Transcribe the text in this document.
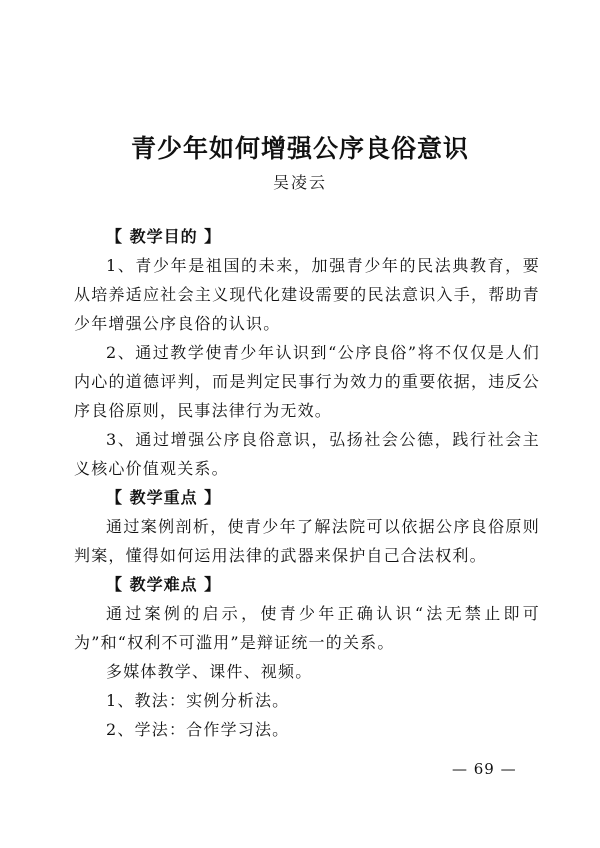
青少年如何增强公序良俗意识
吴凌云

【 教学目的 】

1、青少年是祖国的未来，加强青少年的民法典教育，要从培养适应社会主义现代化建设需要的民法意识入手，帮助青少年增强公序良俗的认识。

2、通过教学使青少年认识到“公序良俗”将不仅仅是人们内心的道德评判，而是判定民事行为效力的重要依据，违反公序良俗原则，民事法律行为无效。

3、通过增强公序良俗意识，弘扬社会公德，践行社会主义核心价值观关系。

【 教学重点 】

通过案例剖析，使青少年了解法院可以依据公序良俗原则判案，懂得如何运用法律的武器来保护自己合法权利。

【 教学难点 】

通过案例的启示，使青少年正确认识“法无禁止即可为”和“权利不可滥用”是辩证统一的关系。

多媒体教学、课件、视频。

1、教法：实例分析法。

2、学法：合作学习法。

— 69 —
